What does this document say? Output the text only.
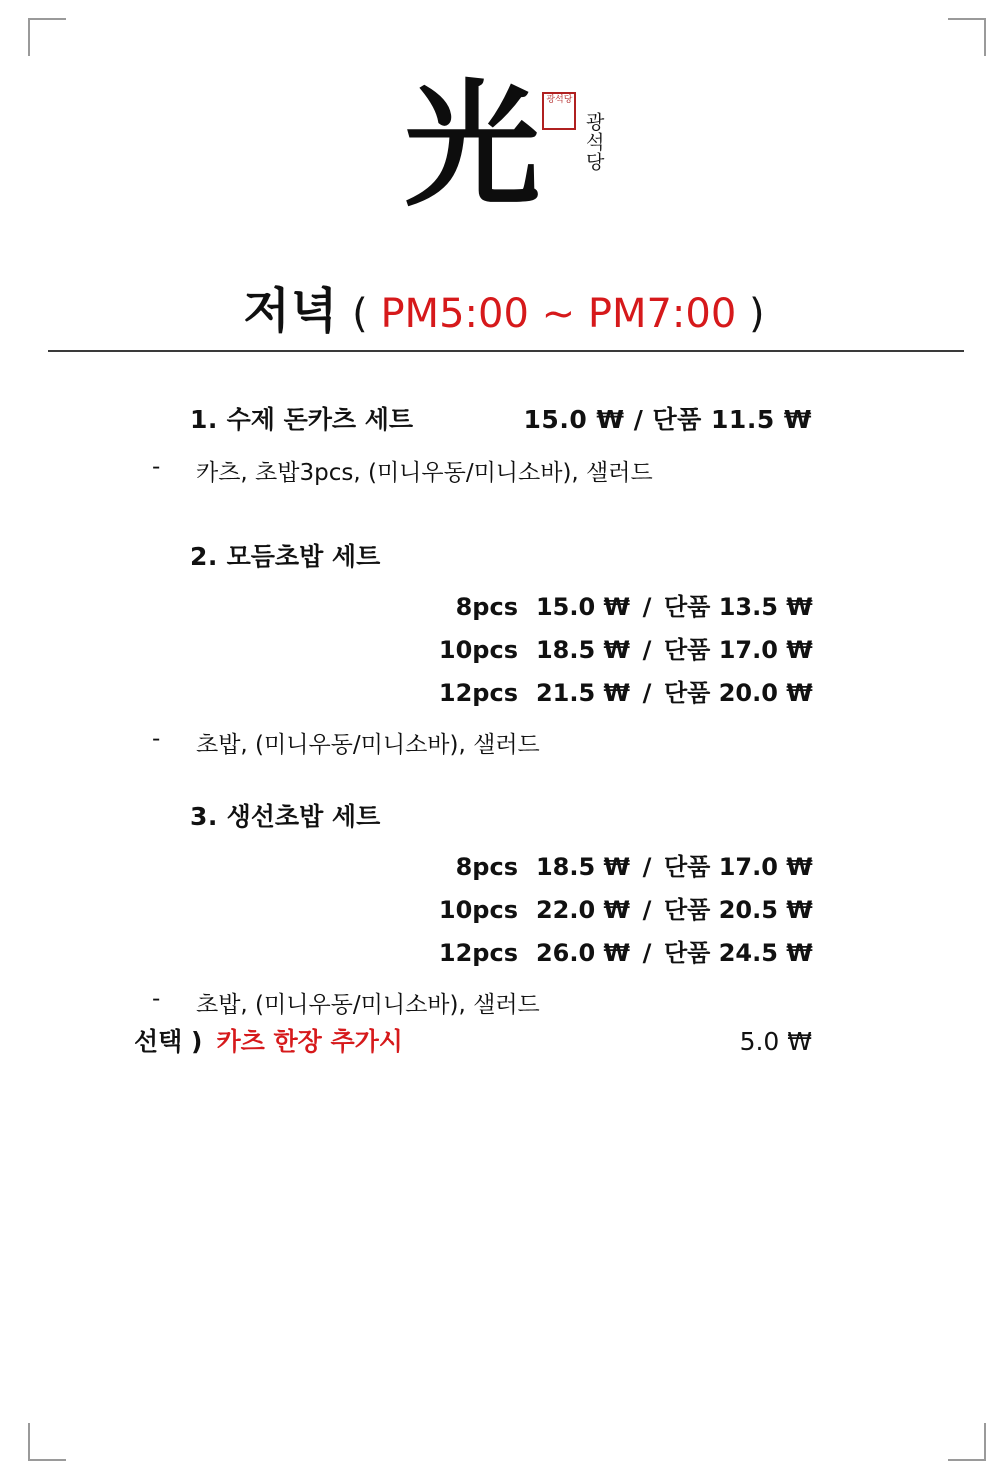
光 광석당
광석당
저녁 ( PM5:00 ~ PM7:00 )
1.
수제 돈카츠 세트	15.0 ₩ / 단품 11.5 ₩
-	카츠, 초밥3pcs, (미니우동/미니소바), 샐러드
2.
모듬초밥 세트
8pcs 15.0 ₩ / 단품 13.5 ₩
10pcs 18.5 ₩ / 단품 17.0 ₩
12pcs 21.5 ₩ / 단품 20.0 ₩
-	초밥, (미니우동/미니소바), 샐러드
3.
생선초밥 세트
8pcs 18.5 ₩ / 단품 17.0 ₩
10pcs 22.0 ₩ / 단품 20.5 ₩
12pcs 26.0 ₩ / 단품 24.5 ₩
-	초밥, (미니우동/미니소바), 샐러드
선택 ) 카츠 한장 추가시	5.0 ₩
